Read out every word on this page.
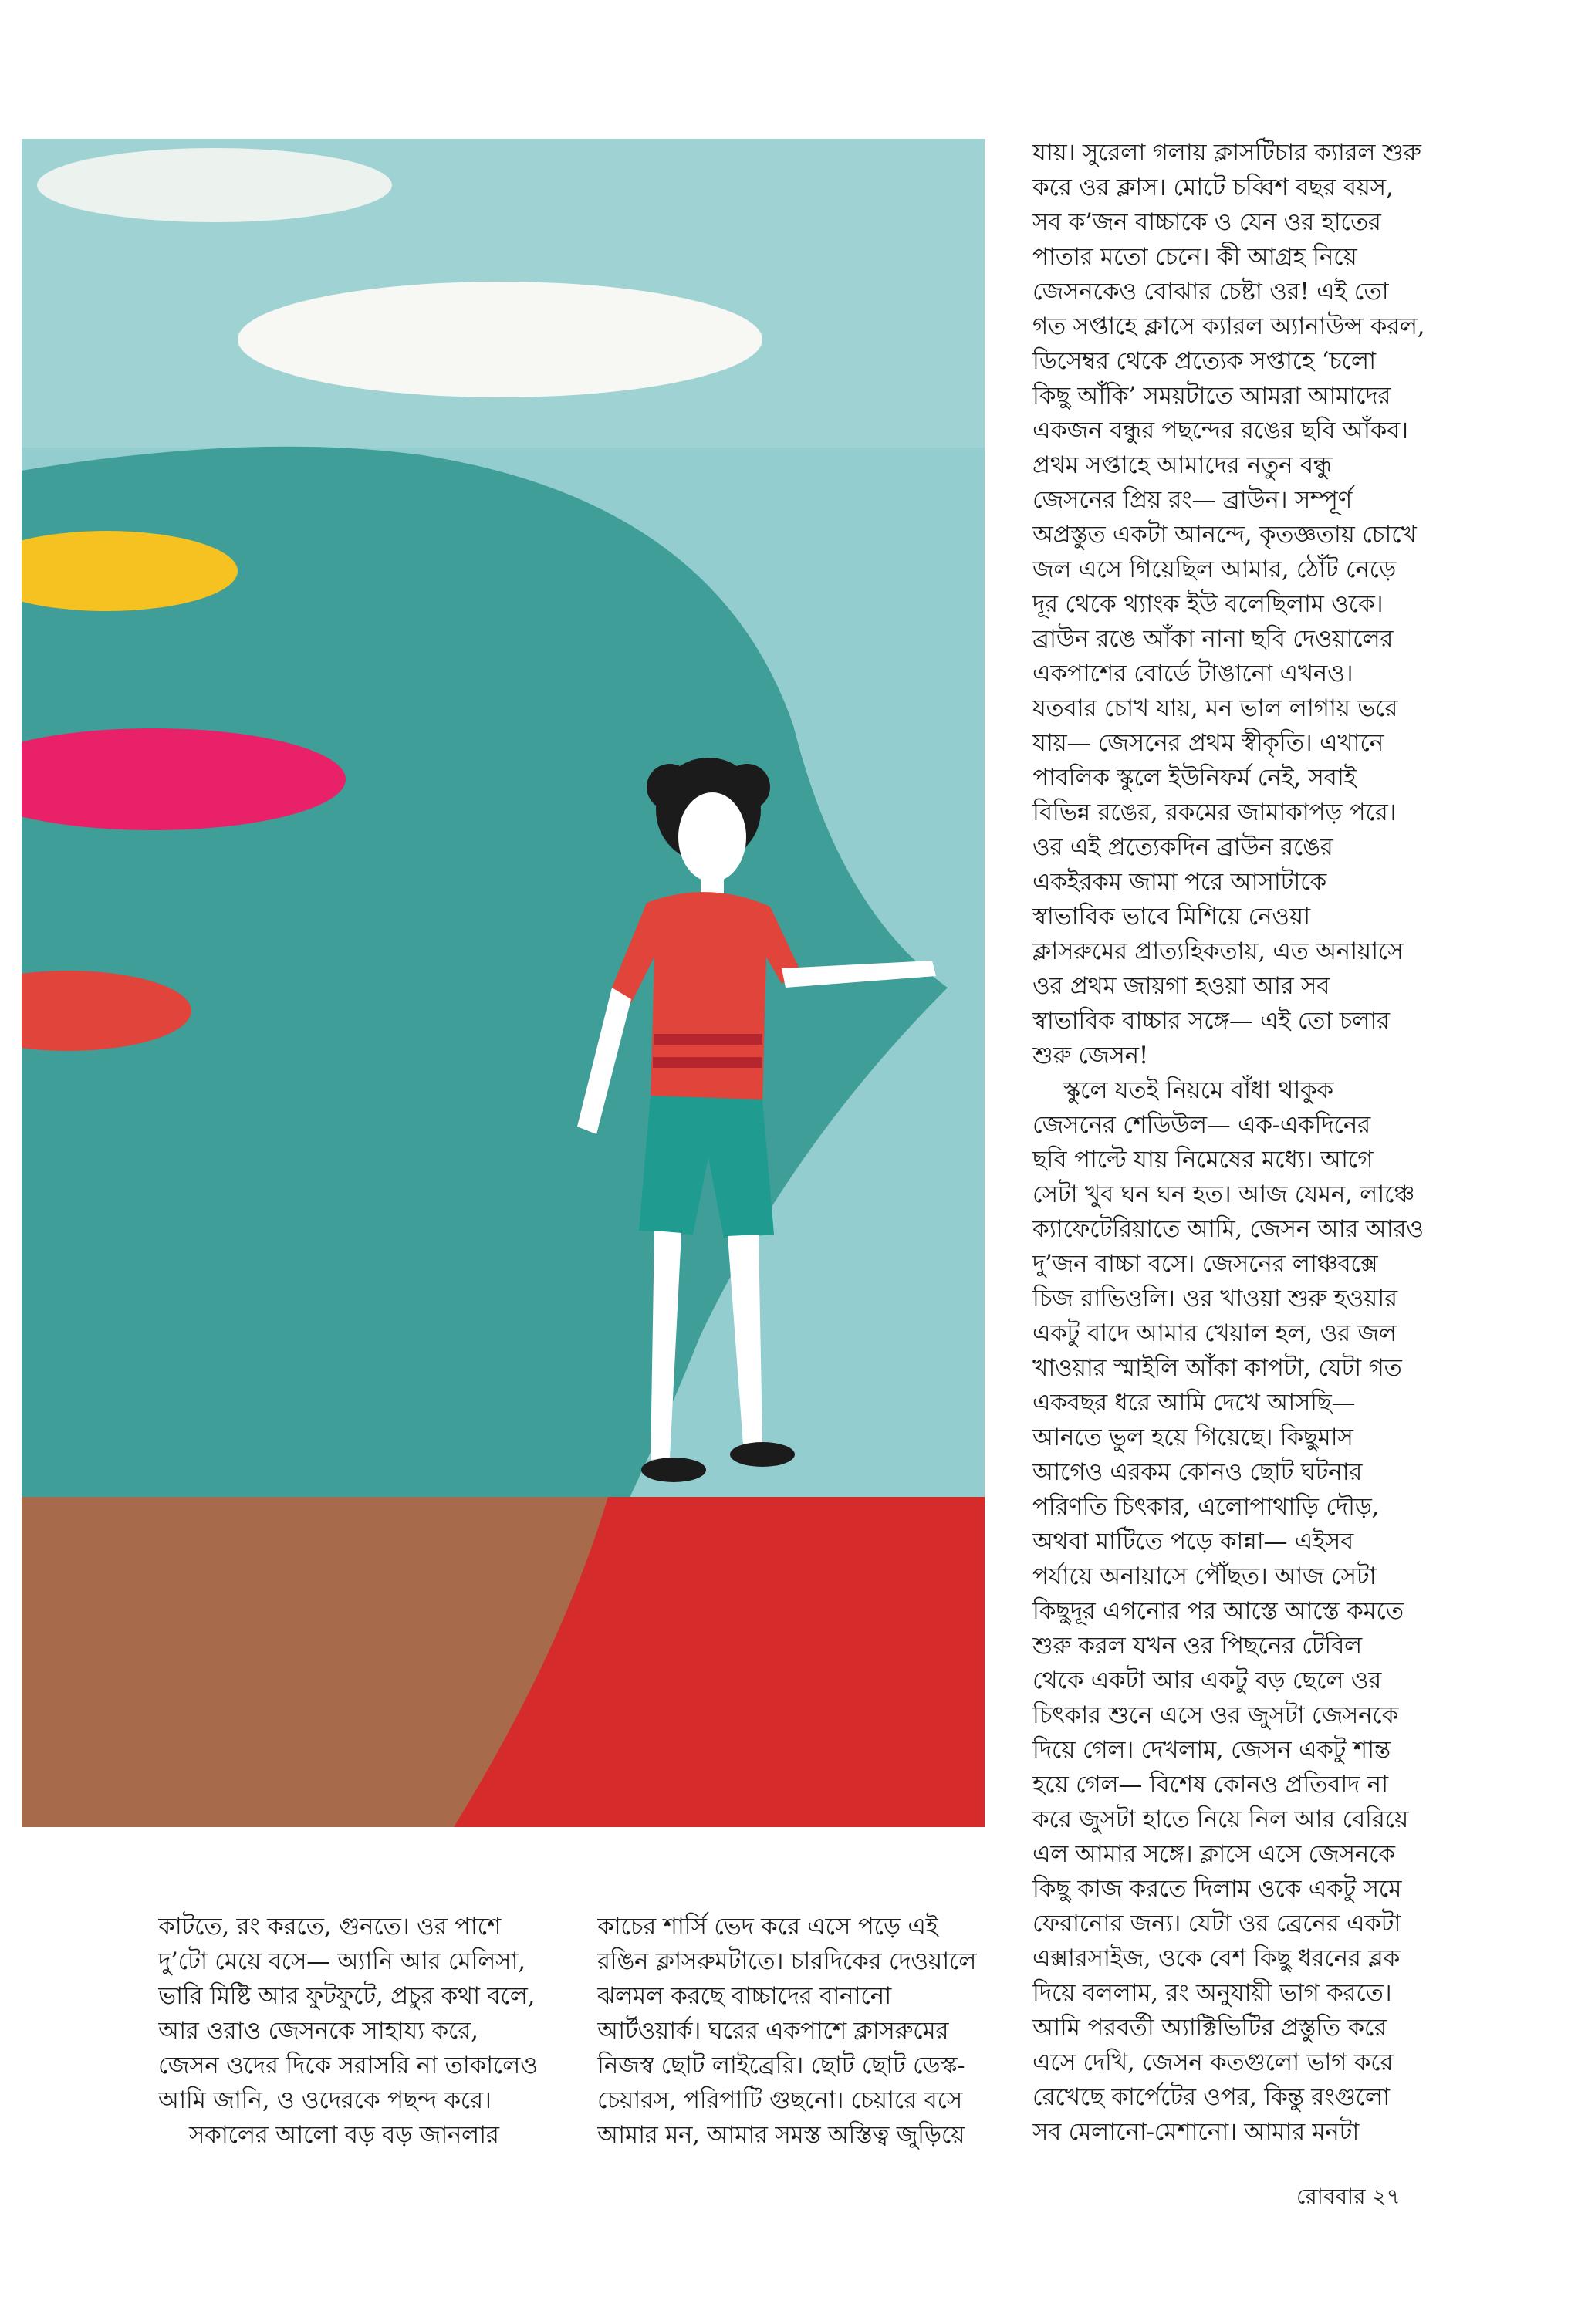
যায়। সুরেলা গলায় ক্লাসটিচার ক্যারল শুরু
করে ওর ক্লাস। মোটে চব্বিশ বছর বয়স,
সব ক’জন বাচ্চাকে ও যেন ওর হাতের
পাতার মতো চেনে। কী আগ্রহ নিয়ে
জেসনকেও বোঝার চেষ্টা ওর! এই তো
গত সপ্তাহে ক্লাসে ক্যারল অ্যানাউন্স করল,
ডিসেম্বর থেকে প্রত্যেক সপ্তাহে ‘চলো
কিছু আঁকি’ সময়টাতে আমরা আমাদের
একজন বন্ধুর পছন্দের রঙের ছবি আঁকব।
প্রথম সপ্তাহে আমাদের নতুন বন্ধু
জেসনের প্রিয় রং— ব্রাউন। সম্পূর্ণ
অপ্রস্তুত একটা আনন্দে, কৃতজ্ঞতায় চোখে
জল এসে গিয়েছিল আমার, ঠোঁট নেড়ে
দূর থেকে থ্যাংক ইউ বলেছিলাম ওকে।
ব্রাউন রঙে আঁকা নানা ছবি দেওয়ালের
একপাশের বোর্ডে টাঙানো এখনও।
যতবার চোখ যায়, মন ভাল লাগায় ভরে
যায়— জেসনের প্রথম স্বীকৃতি। এখানে
পাবলিক স্কুলে ইউনিফর্ম নেই, সবাই
বিভিন্ন রঙের, রকমের জামাকাপড় পরে।
ওর এই প্রত্যেকদিন ব্রাউন রঙের
একইরকম জামা পরে আসাটাকে
স্বাভাবিক ভাবে মিশিয়ে নেওয়া
ক্লাসরুমের প্রাত্যহিকতায়, এত অনায়াসে
ওর প্রথম জায়গা হওয়া আর সব
স্বাভাবিক বাচ্চার সঙ্গে— এই তো চলার
শুরু জেসন!
স্কুলে যতই নিয়মে বাঁধা থাকুক
জেসনের শেডিউল— এক-একদিনের
ছবি পাল্টে যায় নিমেষের মধ্যে। আগে
সেটা খুব ঘন ঘন হত। আজ যেমন, লাঞ্চে
ক্যাফেটেরিয়াতে আমি, জেসন আর আরও
দু’জন বাচ্চা বসে। জেসনের লাঞ্চবক্সে
চিজ রাভিওলি। ওর খাওয়া শুরু হওয়ার
একটু বাদে আমার খেয়াল হল, ওর জল
খাওয়ার স্মাইলি আঁকা কাপটা, যেটা গত
একবছর ধরে আমি দেখে আসছি—
আনতে ভুল হয়ে গিয়েছে। কিছুমাস
আগেও এরকম কোনও ছোট ঘটনার
পরিণতি চিৎকার, এলোপাথাড়ি দৌড়,
অথবা মাটিতে পড়ে কান্না— এইসব
পর্যায়ে অনায়াসে পৌঁছত। আজ সেটা
কিছুদূর এগনোর পর আস্তে আস্তে কমতে
শুরু করল যখন ওর পিছনের টেবিল
থেকে একটা আর একটু বড় ছেলে ওর
চিৎকার শুনে এসে ওর জুসটা জেসনকে
দিয়ে গেল। দেখলাম, জেসন একটু শান্ত
হয়ে গেল— বিশেষ কোনও প্রতিবাদ না
করে জুসটা হাতে নিয়ে নিল আর বেরিয়ে
এল আমার সঙ্গে। ক্লাসে এসে জেসনকে
কিছু কাজ করতে দিলাম ওকে একটু সমে
ফেরানোর জন্য। যেটা ওর ব্রেনের একটা
এক্সারসাইজ, ওকে বেশ কিছু ধরনের ব্লক
দিয়ে বললাম, রং অনুযায়ী ভাগ করতে।
আমি পরবর্তী অ্যাক্টিভিটির প্রস্তুতি করে
এসে দেখি, জেসন কতগুলো ভাগ করে
রেখেছে কার্পেটের ওপর, কিন্তু রংগুলো
সব মেলানো-মেশানো। আমার মনটা
কাটতে, রং করতে, গুনতে। ওর পাশে
দু’টো মেয়ে বসে— অ্যানি আর মেলিসা,
ভারি মিষ্টি আর ফুটফুটে, প্রচুর কথা বলে,
আর ওরাও জেসনকে সাহায্য করে,
জেসন ওদের দিকে সরাসরি না তাকালেও
আমি জানি, ও ওদেরকে পছন্দ করে।
সকালের আলো বড় বড় জানলার
কাচের শার্সি ভেদ করে এসে পড়ে এই
রঙিন ক্লাসরুমটাতে। চারদিকের দেওয়ালে
ঝলমল করছে বাচ্চাদের বানানো
আর্টওয়ার্ক। ঘরের একপাশে ক্লাসরুমের
নিজস্ব ছোট লাইব্রেরি। ছোট ছোট ডেস্ক-
চেয়ারস, পরিপাটি গুছনো। চেয়ারে বসে
আমার মন, আমার সমস্ত অস্তিত্ব জুড়িয়ে
রোববার ২৭
